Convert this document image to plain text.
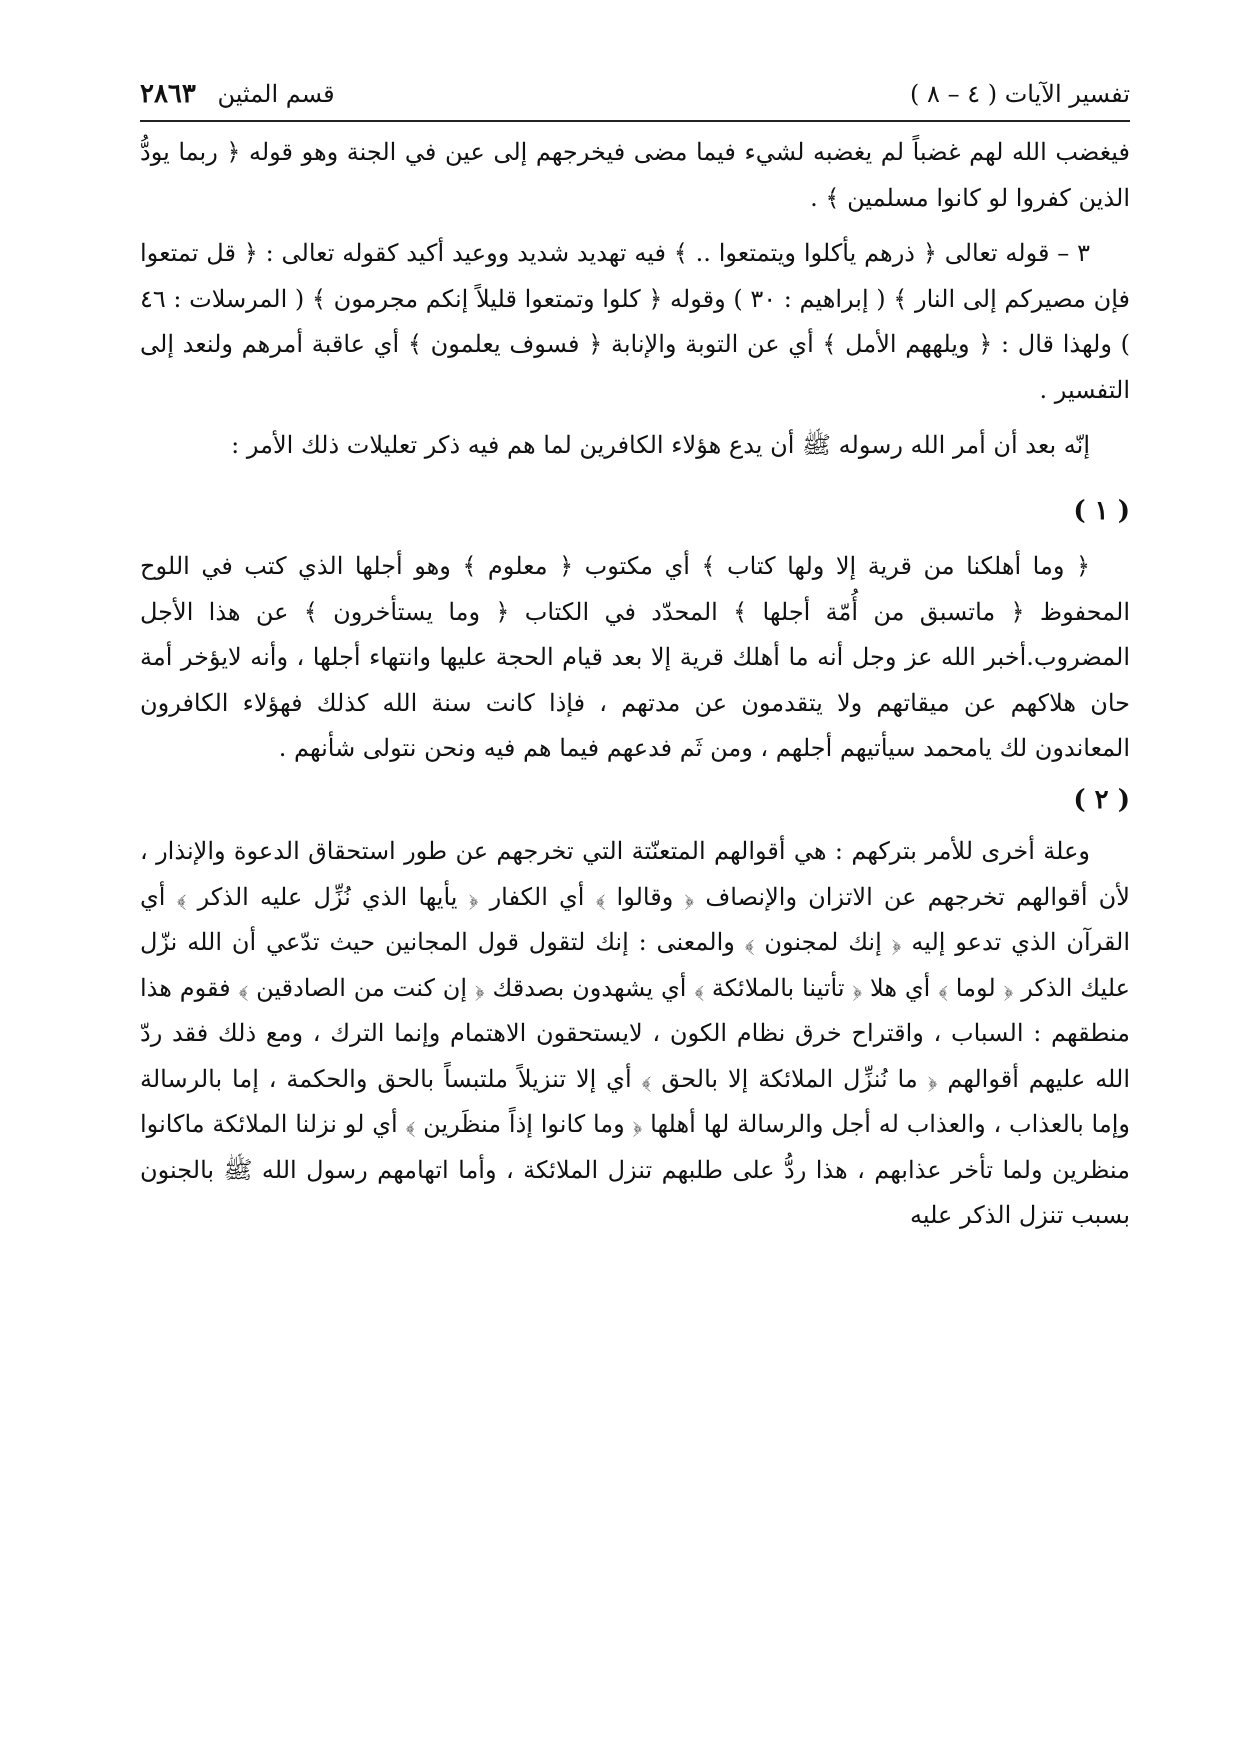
تفسير الآيات ( ٤ – ٨ )
قسم المثين ٢٨٦٣

فيغضب الله لهم غضباً لم يغضبه لشيء فيما مضى فيخرجهم إلى عين في الجنة وهو قوله ﴿ ربما يودُّ الذين كفروا لو كانوا مسلمين ﴾ .

٣ – قوله تعالى ﴿ ذرهم يأكلوا ويتمتعوا .. ﴾ فيه تهديد شديد ووعيد أكيد كقوله تعالى : ﴿ قل تمتعوا فإن مصيركم إلى النار ﴾ ( إبراهيم : ٣٠ ) وقوله ﴿ كلوا وتمتعوا قليلاً إنكم مجرمون ﴾ ( المرسلات : ٤٦ ) ولهذا قال : ﴿ ويلههم الأمل ﴾ أي عن التوبة والإنابة ﴿ فسوف يعلمون ﴾ أي عاقبة أمرهم ولنعد إلى التفسير .

إنّه بعد أن أمر الله رسوله ﷺ أن يدع هؤلاء الكافرين لما هم فيه ذكر تعليلات ذلك الأمر :

( ١ )

﴿ وما أهلكنا من قرية إلا ولها كتاب ﴾ أي مكتوب ﴿ معلوم ﴾ وهو أجلها الذي كتب في اللوح المحفوظ ﴿ ماتسبق من أُمّة أجلها ﴾ المحدّد في الكتاب ﴿ وما يستأخرون ﴾ عن هذا الأجل المضروب.أخبر الله عز وجل أنه ما أهلك قرية إلا بعد قيام الحجة عليها وانتهاء أجلها ، وأنه لايؤخر أمة حان هلاكهم عن ميقاتهم ولا يتقدمون عن مدتهم ، فإذا كانت سنة الله كذلك فهؤلاء الكافرون المعاندون لك يامحمد سيأتيهم أجلهم ، ومن ثَم فدعهم فيما هم فيه ونحن نتولى شأنهم .

( ٢ )

وعلة أخرى للأمر بتركهم : هي أقوالهم المتعنّتة التي تخرجهم عن طور استحقاق الدعوة والإنذار ، لأن أقوالهم تخرجهم عن الاتزان والإنصاف ﴿ وقالوا ﴾ أي الكفار ﴿ يأيها الذي نُزِّل عليه الذكر ﴾ أي القرآن الذي تدعو إليه ﴿ إنك لمجنون ﴾ والمعنى : إنك لتقول قول المجانين حيث تدّعي أن الله نزّل عليك الذكر ﴿ لوما ﴾ أي هلا ﴿ تأتينا بالملائكة ﴾ أي يشهدون بصدقك ﴿ إن كنت من الصادقين ﴾ فقوم هذا منطقهم : السباب ، واقتراح خرق نظام الكون ، لايستحقون الاهتمام وإنما الترك ، ومع ذلك فقد ردّ الله عليهم أقوالهم ﴿ ما نُنزِّل الملائكة إلا بالحق ﴾ أي إلا تنزيلاً ملتبساً بالحق والحكمة ، إما بالرسالة وإما بالعذاب ، والعذاب له أجل والرسالة لها أهلها ﴿ وما كانوا إذاً منظَرين ﴾ أي لو نزلنا الملائكة ماكانوا منظرين ولما تأخر عذابهم ، هذا ردُّ على طلبهم تنزل الملائكة ، وأما اتهامهم رسول الله ﷺ بالجنون بسبب تنزل الذكر عليه
